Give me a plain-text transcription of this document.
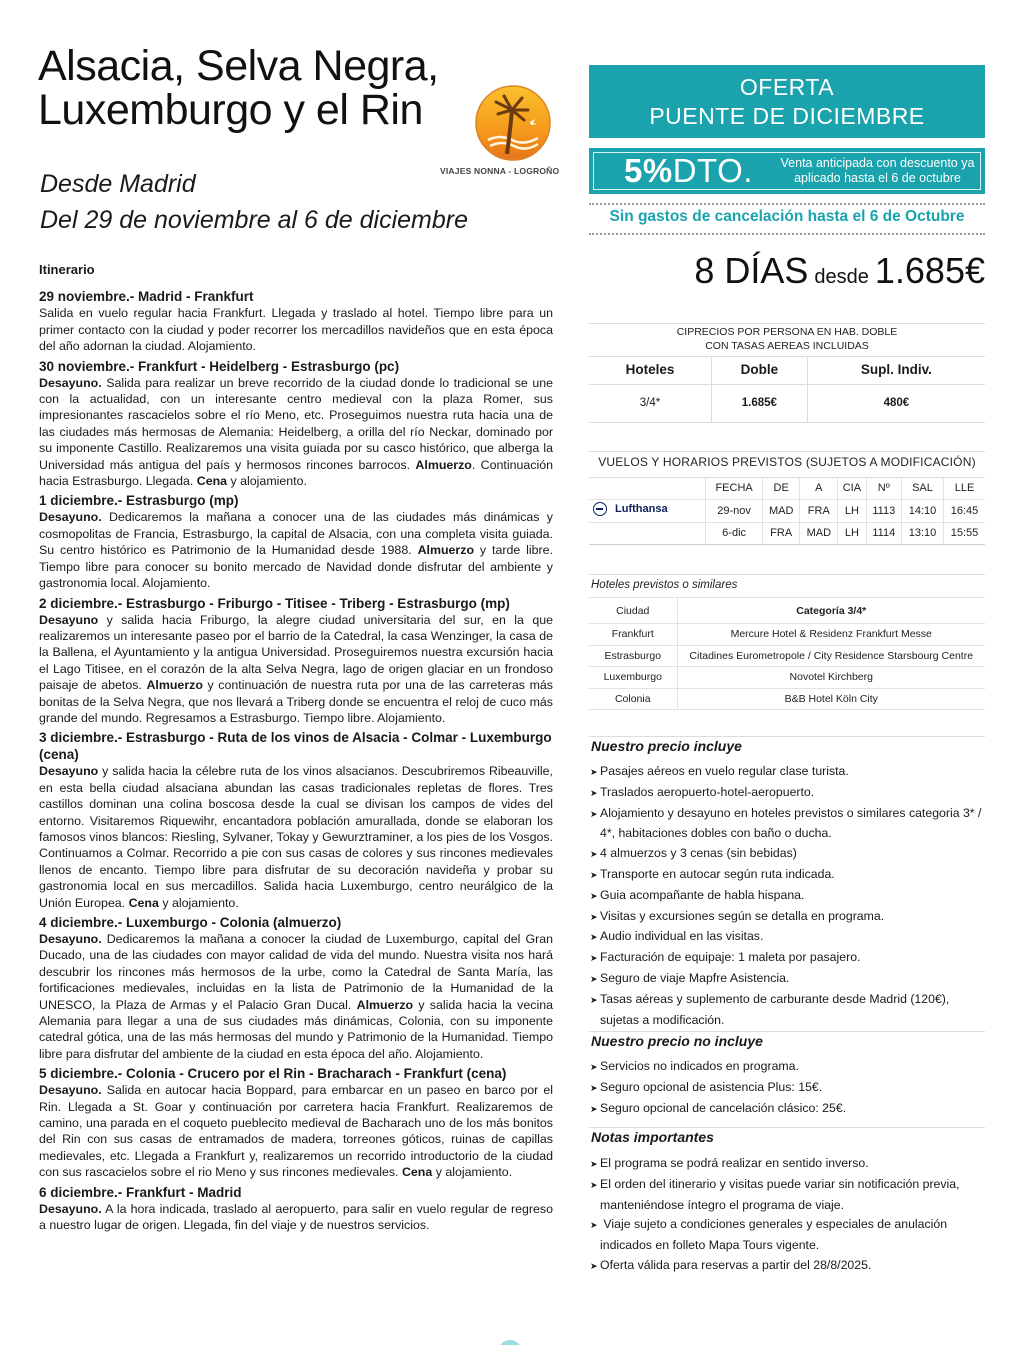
Alsacia, Selva Negra,
Luxemburgo y el Rin
VIAJES NONNA - LOGROÑO
Desde Madrid
Del 29 de noviembre al 6 de diciembre
Itinerario
29 noviembre.- Madrid - Frankfurt
Salida en vuelo regular hacia Frankfurt. Llegada y traslado al hotel. Tiempo libre para un primer contacto con la ciudad y poder recorrer los mercadillos navideños que en esta época del año adornan la ciudad. Alojamiento.
30 noviembre.- Frankfurt - Heidelberg - Estrasburgo (pc)
Desayuno. Salida para realizar un breve recorrido de la ciudad donde lo tradicional se une con la actualidad, con un interesante centro medieval con la plaza Romer, sus impresionantes rascacielos sobre el río Meno, etc. Proseguimos nuestra ruta hacia una de las ciudades más hermosas de Alemania: Heidelberg, a orilla del río Neckar, dominado por su imponente Castillo. Realizaremos una visita guiada por su casco histórico, que alberga la Universidad más antigua del país y hermosos rincones barrocos. Almuerzo. Continuación hacia Estrasburgo. Llegada. Cena y alojamiento.
1 diciembre.- Estrasburgo (mp)
Desayuno. Dedicaremos la mañana a conocer una de las ciudades más dinámicas y cosmopolitas de Francia, Estrasburgo, la capital de Alsacia, con una completa visita guiada. Su centro histórico es Patrimonio de la Humanidad desde 1988. Almuerzo y tarde libre. Tiempo libre para conocer su bonito mercado de Navidad donde disfrutar del ambiente y gastronomia local. Alojamiento.
2 diciembre.- Estrasburgo - Friburgo - Titisee - Triberg - Estrasburgo (mp)
Desayuno y salida hacia Friburgo, la alegre ciudad universitaria del sur, en la que realizaremos un interesante paseo por el barrio de la Catedral, la casa Wenzinger, la casa de la Ballena, el Ayuntamiento y la antigua Universidad. Proseguiremos nuestra excursión hacia el Lago Titisee, en el corazón de la alta Selva Negra, lago de origen glaciar en un frondoso paisaje de abetos. Almuerzo y continuación de nuestra ruta por una de las carreteras más bonitas de la Selva Negra, que nos llevará a Triberg donde se encuentra el reloj de cuco más grande del mundo. Regresamos a Estrasburgo. Tiempo libre. Alojamiento.
3 diciembre.- Estrasburgo - Ruta de los vinos de Alsacia - Colmar - Luxemburgo (cena)
Desayuno y salida hacia la célebre ruta de los vinos alsacianos. Descubriremos Ribeauville, en esta bella ciudad alsaciana abundan las casas tradicionales repletas de flores. Tres castillos dominan una colina boscosa desde la cual se divisan los campos de vides del entorno. Visitaremos Riquewihr, encantadora población amurallada, donde se elaboran los famosos vinos blancos: Riesling, Sylvaner, Tokay y Gewurztraminer, a los pies de los Vosgos. Continuamos a Colmar. Recorrido a pie con sus casas de colores y sus rincones medievales llenos de encanto. Tiempo libre para disfrutar de su decoración navideña y probar su gastronomia local en sus mercadillos. Salida hacia Luxemburgo, centro neurálgico de la Unión Europea. Cena y alojamiento.
4 diciembre.- Luxemburgo - Colonia (almuerzo)
Desayuno. Dedicaremos la mañana a conocer la ciudad de Luxemburgo, capital del Gran Ducado, una de las ciudades con mayor calidad de vida del mundo. Nuestra visita nos hará descubrir los rincones más hermosos de la urbe, como la Catedral de Santa María, las fortificaciones medievales, incluidas en la lista de Patrimonio de la Humanidad de la UNESCO, la Plaza de Armas y el Palacio Gran Ducal. Almuerzo y salida hacia la vecina Alemania para llegar a una de sus ciudades más dinámicas, Colonia, con su imponente catedral gótica, una de las más hermosas del mundo y Patrimonio de la Humanidad. Tiempo libre para disfrutar del ambiente de la ciudad en esta época del año. Alojamiento.
5 diciembre.- Colonia - Crucero por el Rin - Bracharach - Frankfurt (cena)
Desayuno. Salida en autocar hacia Boppard, para embarcar en un paseo en barco por el Rin. Llegada a St. Goar y continuación por carretera hacia Frankfurt. Realizaremos de camino, una parada en el coqueto pueblecito medieval de Bacharach uno de los más bonitos del Rin con sus casas de entramados de madera, torreones góticos, ruinas de capillas medievales, etc. Llegada a Frankfurt y, realizaremos un recorrido introductorio de la ciudad con sus rascacielos sobre el rio Meno y sus rincones medievales. Cena y alojamiento.
6 diciembre.- Frankfurt - Madrid
Desayuno. A la hora indicada, traslado al aeropuerto, para salir en vuelo regular de regreso a nuestro lugar de origen. Llegada, fin del viaje y de nuestros servicios.
OFERTA
PUENTE DE DICIEMBRE
5%DTO.	Venta anticipada con descuento ya aplicado hasta el 6 de octubre
Sin gastos de cancelación hasta el 6 de Octubre
8 DÍAS desde 1.685€
CIPRECIOS POR PERSONA EN HAB. DOBLE
CON TASAS AEREAS INCLUIDAS
Hoteles	Doble	Supl. Indiv.
3/4*	1.685€	480€
VUELOS Y HORARIOS PREVISTOS (SUJETOS A MODIFICACIÓN)
	FECHA	DE	A	CIA	Nº	SAL	LLE

Lufthansa	29-nov	MAD	FRA	LH	1113	14:10	16:45
	6-dic	FRA	MAD	LH	1114	13:10	15:55
Hoteles previstos o similares
Ciudad	Categoría 3/4*
Frankfurt	Mercure Hotel & Residenz Frankfurt Messe
Estrasburgo	Citadines Eurometropole / City Residence Starsbourg Centre
Luxemburgo	Novotel Kirchberg
Colonia	B&B Hotel Köln City
Nuestro precio incluye
➤ Pasajes aéreos en vuelo regular clase turista.
➤ Traslados aeropuerto-hotel-aeropuerto.
➤ Alojamiento y desayuno en hoteles previstos o similares categoria 3* / 4*, habitaciones dobles con baño o ducha.
➤ 4 almuerzos y 3 cenas (sin bebidas)
➤ Transporte en autocar según ruta indicada.
➤ Guia acompañante de habla hispana.
➤ Visitas y excursiones según se detalla en programa.
➤ Audio individual en las visitas.
➤ Facturación de equipaje: 1 maleta por pasajero.
➤ Seguro de viaje Mapfre Asistencia.
➤ Tasas aéreas y suplemento de carburante desde Madrid (120€), sujetas a modificación.
Nuestro precio no incluye
➤ Servicios no indicados en programa.
➤ Seguro opcional de asistencia Plus: 15€.
➤ Seguro opcional de cancelación clásico: 25€.
Notas importantes
➤ El programa se podrá realizar en sentido inverso.
➤ El orden del itinerario y visitas puede variar sin notificación previa, manteniéndose íntegro el programa de viaje.
➤ Viaje sujeto a condiciones generales y especiales de anulación indicados en folleto Mapa Tours vigente.
➤ Oferta válida para reservas a partir del 28/8/2025.
